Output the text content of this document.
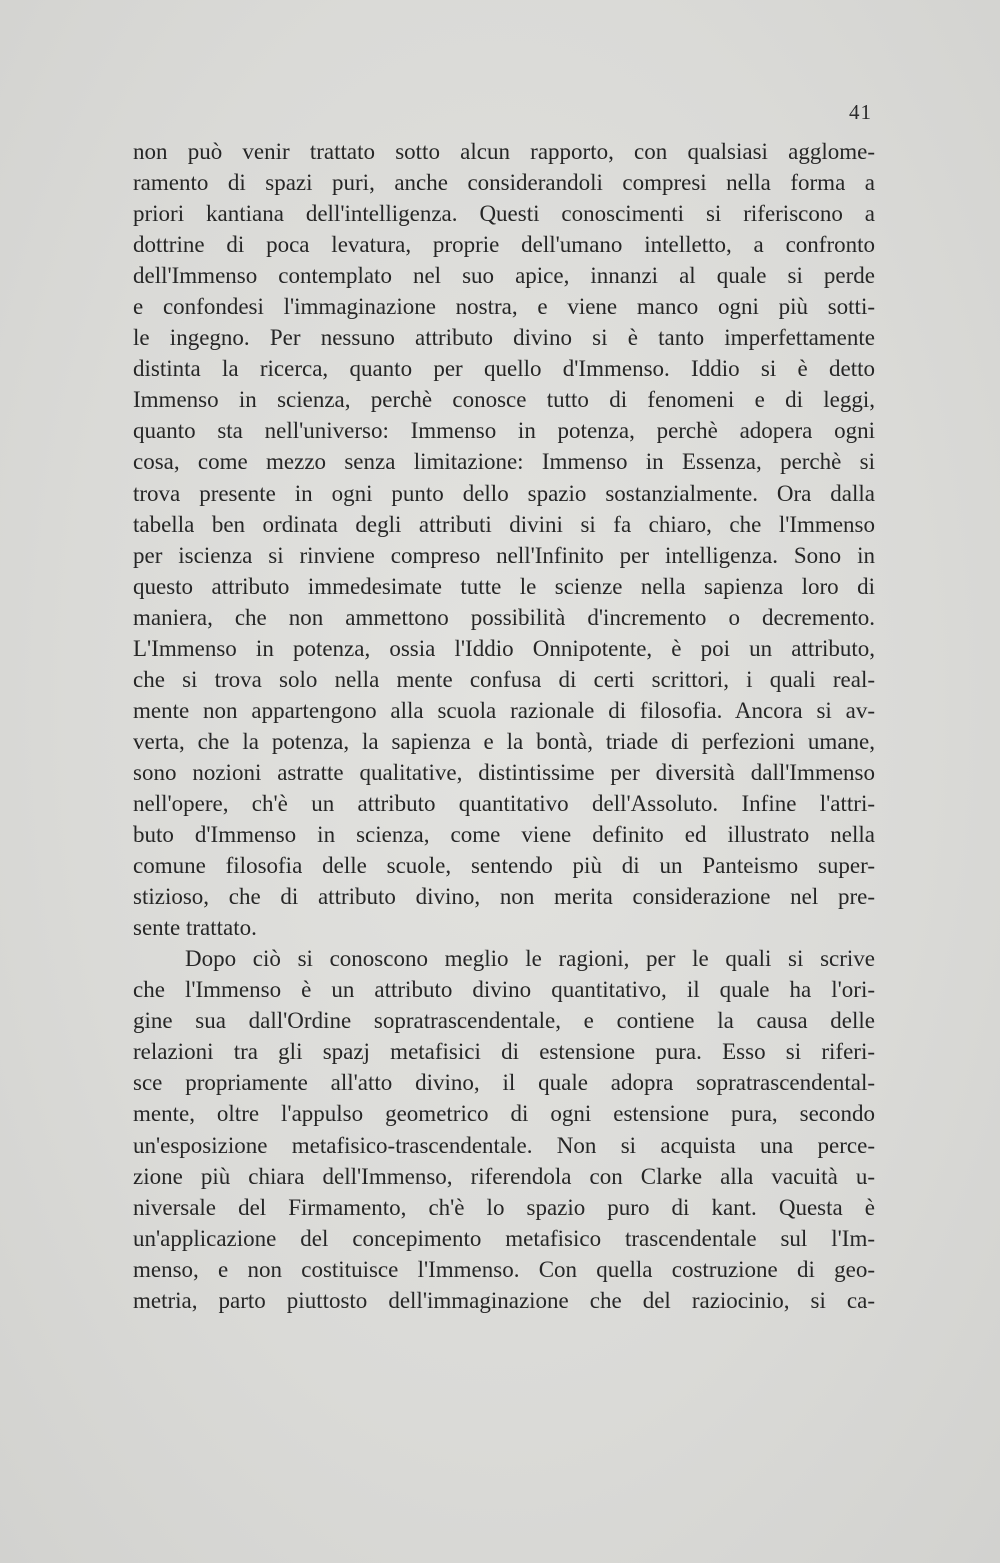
41
non può venir trattato sotto alcun rapporto, con qualsiasi agglome-
ramento di spazi puri, anche considerandoli compresi nella forma a
priori kantiana dell'intelligenza. Questi conoscimenti si riferiscono a
dottrine di poca levatura, proprie dell'umano intelletto, a confronto
dell'Immenso contemplato nel suo apice, innanzi al quale si perde
e confondesi l'immaginazione nostra, e viene manco ogni più sotti-
le ingegno. Per nessuno attributo divino si è tanto imperfettamente
distinta la ricerca, quanto per quello d'Immenso. Iddio si è detto
Immenso in scienza, perchè conosce tutto di fenomeni e di leggi,
quanto sta nell'universo: Immenso in potenza, perchè adopera ogni
cosa, come mezzo senza limitazione: Immenso in Essenza, perchè si
trova presente in ogni punto dello spazio sostanzialmente. Ora dalla
tabella ben ordinata degli attributi divini si fa chiaro, che l'Immenso
per iscienza si rinviene compreso nell'Infinito per intelligenza. Sono in
questo attributo immedesimate tutte le scienze nella sapienza loro di
maniera, che non ammettono possibilità d'incremento o decremento.
L'Immenso in potenza, ossia l'Iddio Onnipotente, è poi un attributo,
che si trova solo nella mente confusa di certi scrittori, i quali real-
mente non appartengono alla scuola razionale di filosofia. Ancora si av-
verta, che la potenza, la sapienza e la bontà, triade di perfezioni umane,
sono nozioni astratte qualitative, distintissime per diversità dall'Immenso
nell'opere, ch'è un attributo quantitativo dell'Assoluto. Infine l'attri-
buto d'Immenso in scienza, come viene definito ed illustrato nella
comune filosofia delle scuole, sentendo più di un Panteismo super-
stizioso, che di attributo divino, non merita considerazione nel pre-
sente trattato.
Dopo ciò si conoscono meglio le ragioni, per le quali si scrive
che l'Immenso è un attributo divino quantitativo, il quale ha l'ori-
gine sua dall'Ordine sopratrascendentale, e contiene la causa delle
relazioni tra gli spazj metafisici di estensione pura. Esso si riferi-
sce propriamente all'atto divino, il quale adopra sopratrascendental-
mente, oltre l'appulso geometrico di ogni estensione pura, secondo
un'esposizione metafisico-trascendentale. Non si acquista una perce-
zione più chiara dell'Immenso, riferendola con Clarke alla vacuità u-
niversale del Firmamento, ch'è lo spazio puro di kant. Questa è
un'applicazione del concepimento metafisico trascendentale sul l'Im-
menso, e non costituisce l'Immenso. Con quella costruzione di geo-
metria, parto piuttosto dell'immaginazione che del raziocinio, si ca-
